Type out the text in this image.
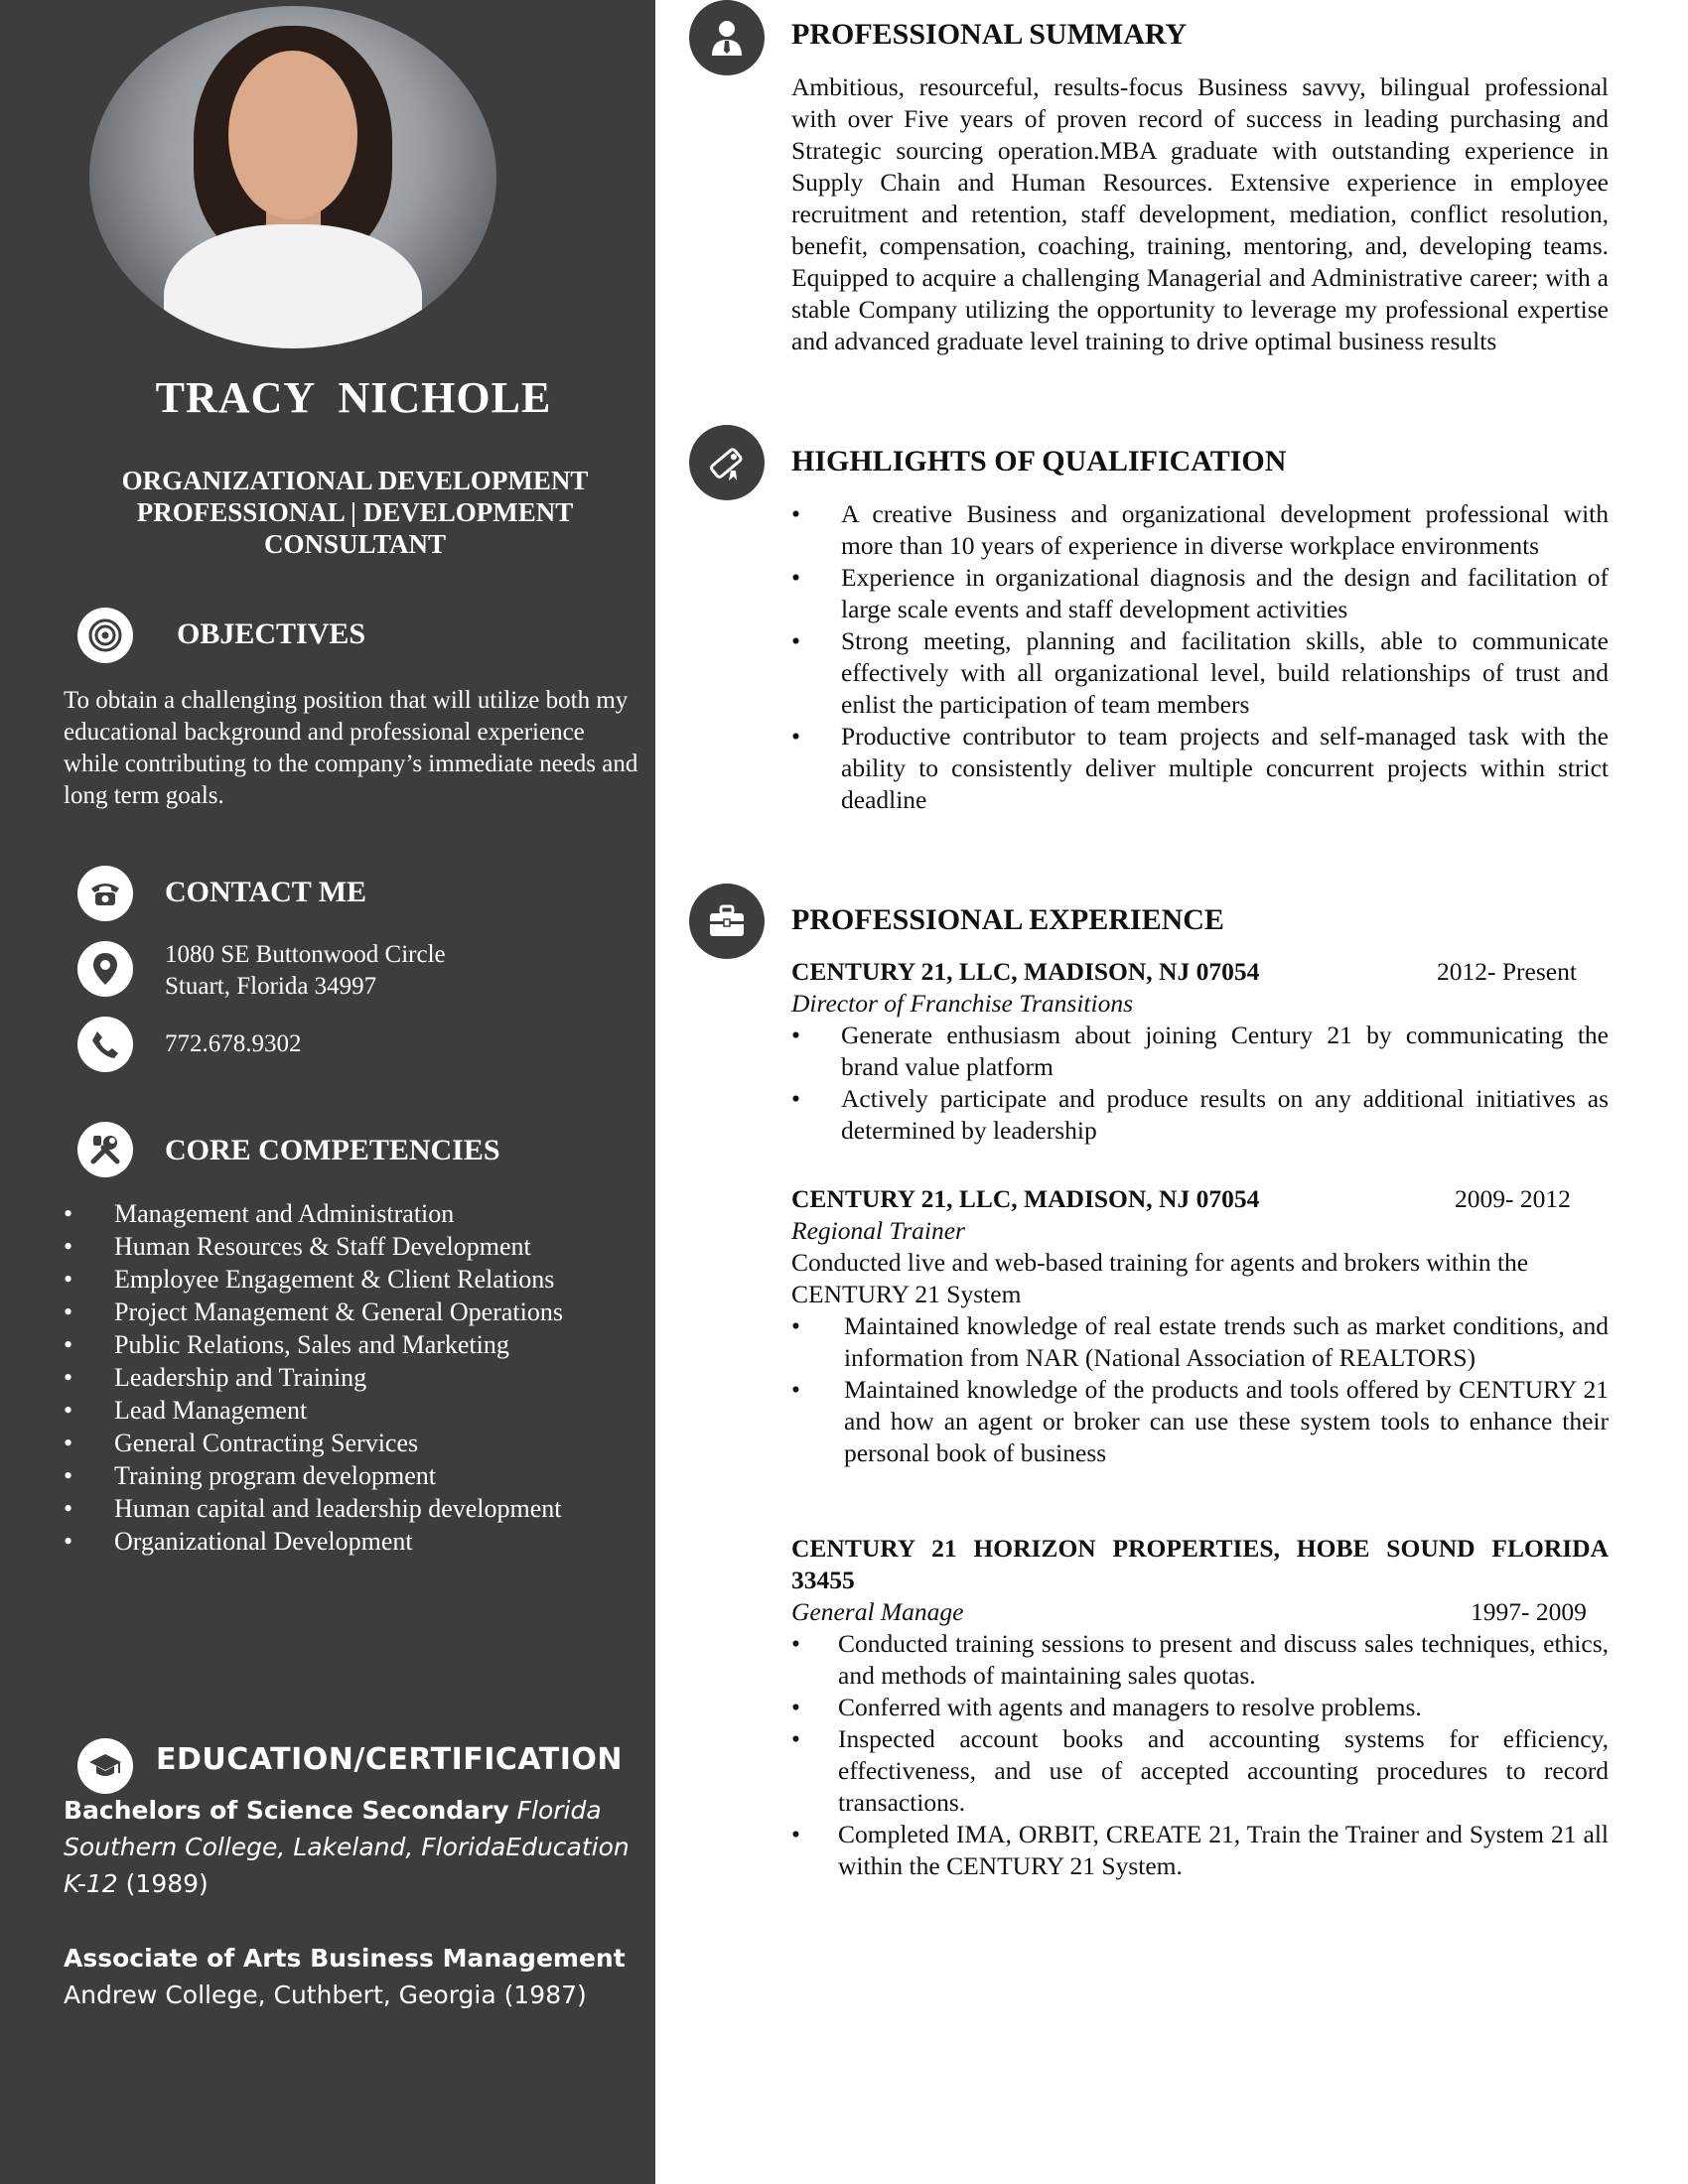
TRACY  NICHOLE
ORGANIZATIONAL DEVELOPMENT PROFESSIONAL | DEVELOPMENT CONSULTANT
OBJECTIVES
To obtain a challenging position that will utilize both my educational background and professional experience while contributing to the company’s immediate needs and long term goals.
CONTACT ME
1080 SE Buttonwood Circle
Stuart, Florida 34997
772.678.9302
CORE COMPETENCIES
• Management and Administration
• Human Resources & Staff Development
• Employee Engagement & Client Relations
• Project Management & General Operations
• Public Relations, Sales and Marketing
• Leadership and Training
• Lead Management
• General Contracting Services
• Training program development
• Human capital and leadership development
• Organizational Development
EDUCATION/CERTIFICATION
Bachelors of Science Secondary Florida Southern College, Lakeland, FloridaEducation K-12 (1989)
Associate of Arts Business Management
Andrew College, Cuthbert, Georgia (1987)
PROFESSIONAL SUMMARY
Ambitious, resourceful, results-focus Business savvy, bilingual professional with over Five years of proven record of success in leading purchasing and Strategic sourcing operation.MBA graduate with outstanding experience in Supply Chain and Human Resources. Extensive experience in employee recruitment and retention, staff development, mediation, conflict resolution, benefit, compensation, coaching, training, mentoring, and, developing teams. Equipped to acquire a challenging Managerial and Administrative career; with a stable Company utilizing the opportunity to leverage my professional expertise and advanced graduate level training to drive optimal business results
HIGHLIGHTS OF QUALIFICATION
• A creative Business and organizational development professional with more than 10 years of experience in diverse workplace environments
• Experience in organizational diagnosis and the design and facilitation of large scale events and staff development activities
• Strong meeting, planning and facilitation skills, able to communicate effectively with all organizational level, build relationships of trust and enlist the participation of team members
• Productive contributor to team projects and self-managed task with the ability to consistently deliver multiple concurrent projects within strict deadline
PROFESSIONAL EXPERIENCE
CENTURY 21, LLC, MADISON, NJ 07054	2012- Present
Director of Franchise Transitions
• Generate enthusiasm about joining Century 21 by communicating the brand value platform
• Actively participate and produce results on any additional initiatives as determined by leadership
CENTURY 21, LLC, MADISON, NJ 07054	2009- 2012
Regional Trainer
Conducted live and web-based training for agents and brokers within the CENTURY 21 System
• Maintained knowledge of real estate trends such as market conditions, and information from NAR (National Association of REALTORS)
• Maintained knowledge of the products and tools offered by CENTURY 21 and how an agent or broker can use these system tools to enhance their personal book of business
CENTURY 21 HORIZON PROPERTIES, HOBE SOUND FLORIDA 33455
General Manage	1997- 2009
• Conducted training sessions to present and discuss sales techniques, ethics, and methods of maintaining sales quotas.
• Conferred with agents and managers to resolve problems.
• Inspected account books and accounting systems for efficiency, effectiveness, and use of accepted accounting procedures to record transactions.
• Completed IMA, ORBIT, CREATE 21, Train the Trainer and System 21 all within the CENTURY 21 System.
